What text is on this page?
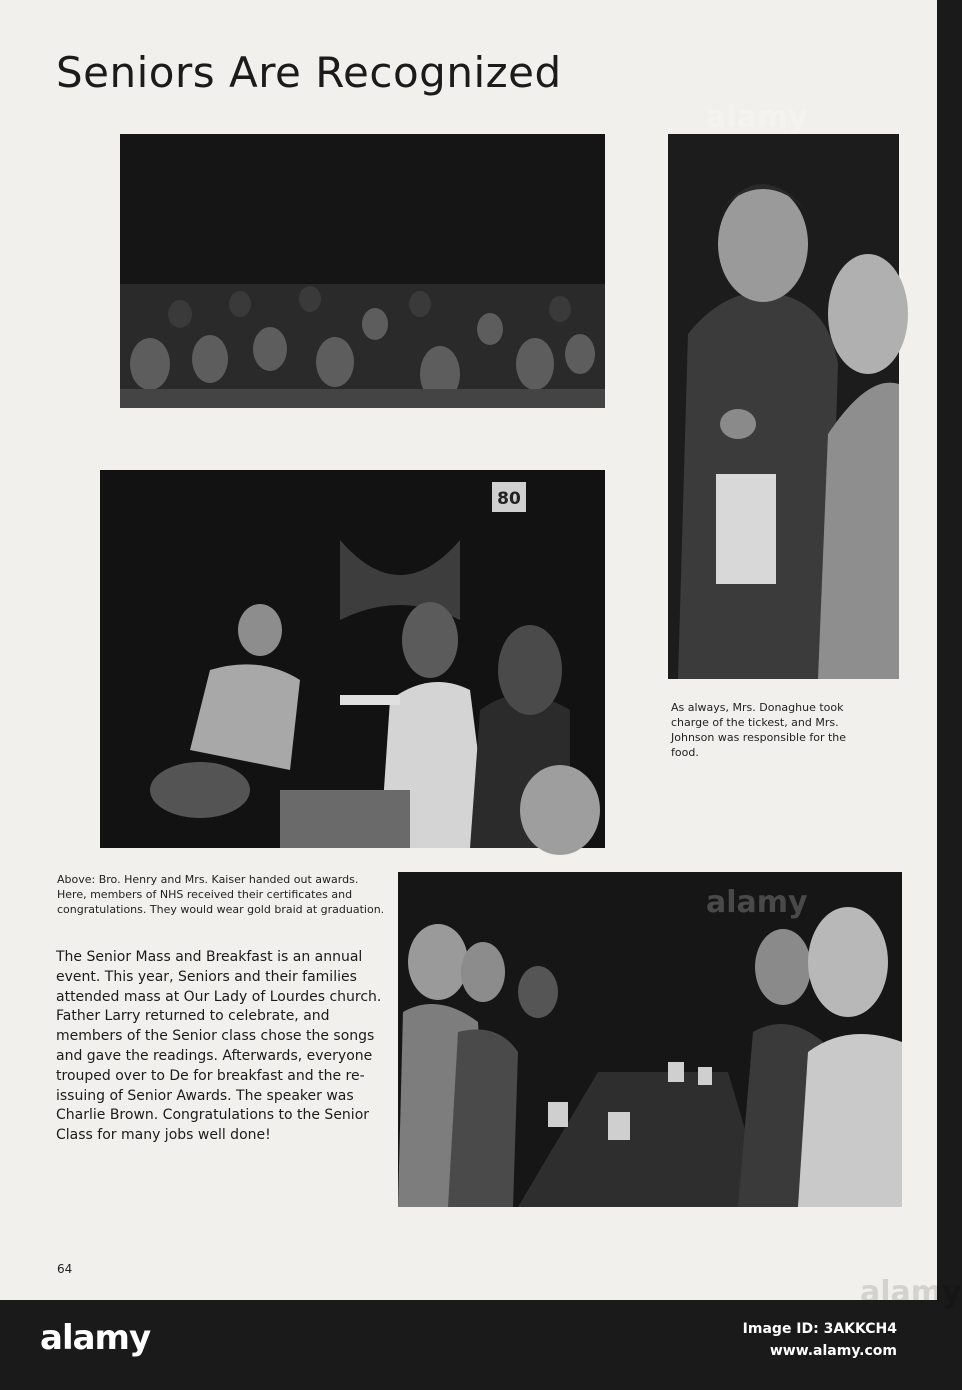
Seniors Are Recognized
80
As always, Mrs. Donaghue took charge of the tickest, and Mrs. Johnson was responsible for the food.
Above: Bro. Henry and Mrs. Kaiser handed out awards. Here, members of NHS received their certificates and congratulations. They would wear gold braid at graduation.
The Senior Mass and Breakfast is an annual event. This year, Seniors and their families attended mass at Our Lady of Lourdes church. Father Larry returned to celebrate, and members of the Senior class chose the songs and gave the readings. Afterwards, everyone trouped over to De for breakfast and the re-issuing of Senior Awards. The speaker was Charlie Brown. Congratulations to the Senior Class for many jobs well done!
64
alamy
alamy
alamy
alamy	Image ID: 3AKKCH4
www.alamy.com
